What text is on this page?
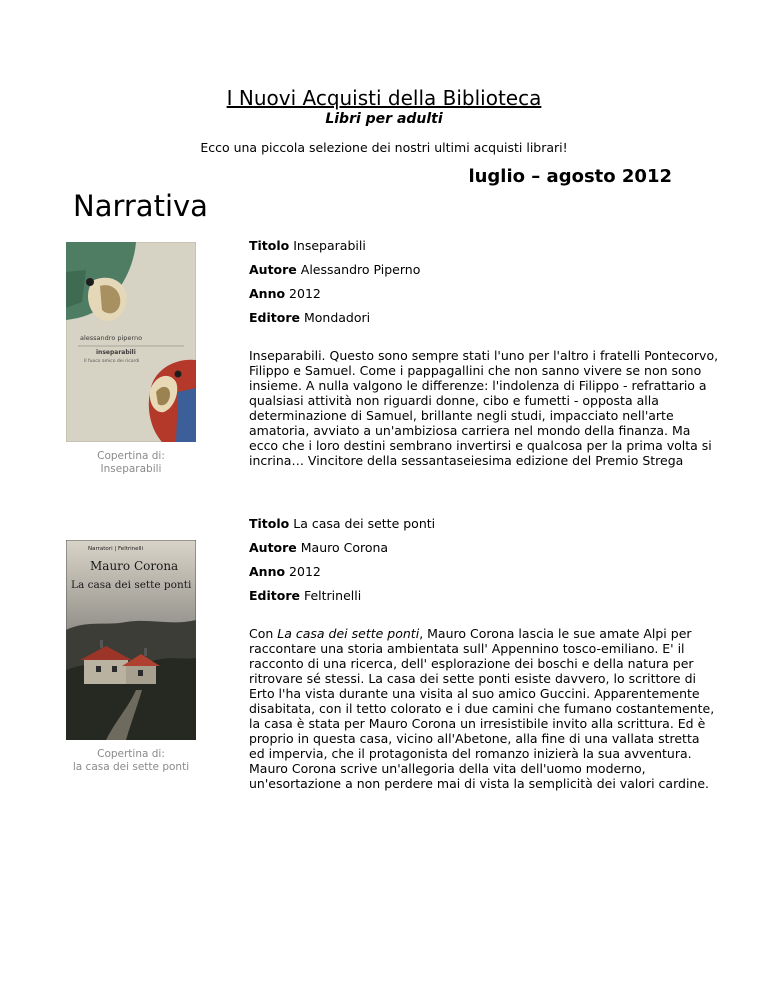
I Nuovi Acquisti della Biblioteca
Libri per adulti
Ecco una piccola selezione dei nostri ultimi acquisti librari!
luglio – agosto 2012
Narrativa
alessandro piperno
inseparabili
Il fuoco amico dei ricordi
Copertina di:
Inseparabili
Titolo Inseparabili
Autore Alessandro Piperno
Anno 2012
Editore Mondadori
Inseparabili. Questo sono sempre stati l'uno per l'altro i fratelli Pontecorvo, Filippo e Samuel. Come i pappagallini che non sanno vivere se non sono insieme. A nulla valgono le differenze: l'indolenza di Filippo - refrattario a qualsiasi attività non riguardi donne, cibo e fumetti - opposta alla determinazione di Samuel, brillante negli studi, impacciato nell'arte amatoria, avviato a un'ambiziosa carriera nel mondo della finanza. Ma ecco che i loro destini sembrano invertirsi e qualcosa per la prima volta si incrina… Vincitore della sessantaseiesima edizione del Premio Strega
Narratori | Feltrinelli
Mauro Corona
La casa dei sette ponti
Copertina di:
la casa dei sette ponti
Titolo La casa dei sette ponti
Autore Mauro Corona
Anno 2012
Editore Feltrinelli
Con La casa dei sette ponti, Mauro Corona lascia le sue amate Alpi per raccontare una storia ambientata sull' Appennino tosco-emiliano. E' il racconto di una ricerca, dell' esplorazione dei boschi e della natura per ritrovare sé stessi. La casa dei sette ponti esiste davvero, lo scrittore di Erto l'ha vista durante una visita al suo amico Guccini. Apparentemente disabitata, con il tetto colorato e i due camini che fumano costantemente, la casa è stata per Mauro Corona un irresistibile invito alla scrittura. Ed è proprio in questa casa, vicino all'Abetone, alla fine di una vallata stretta ed impervia, che il protagonista del romanzo inizierà la sua avventura. Mauro Corona scrive un'allegoria della vita dell'uomo moderno, un'esortazione a non perdere mai di vista la semplicità dei valori cardine.
